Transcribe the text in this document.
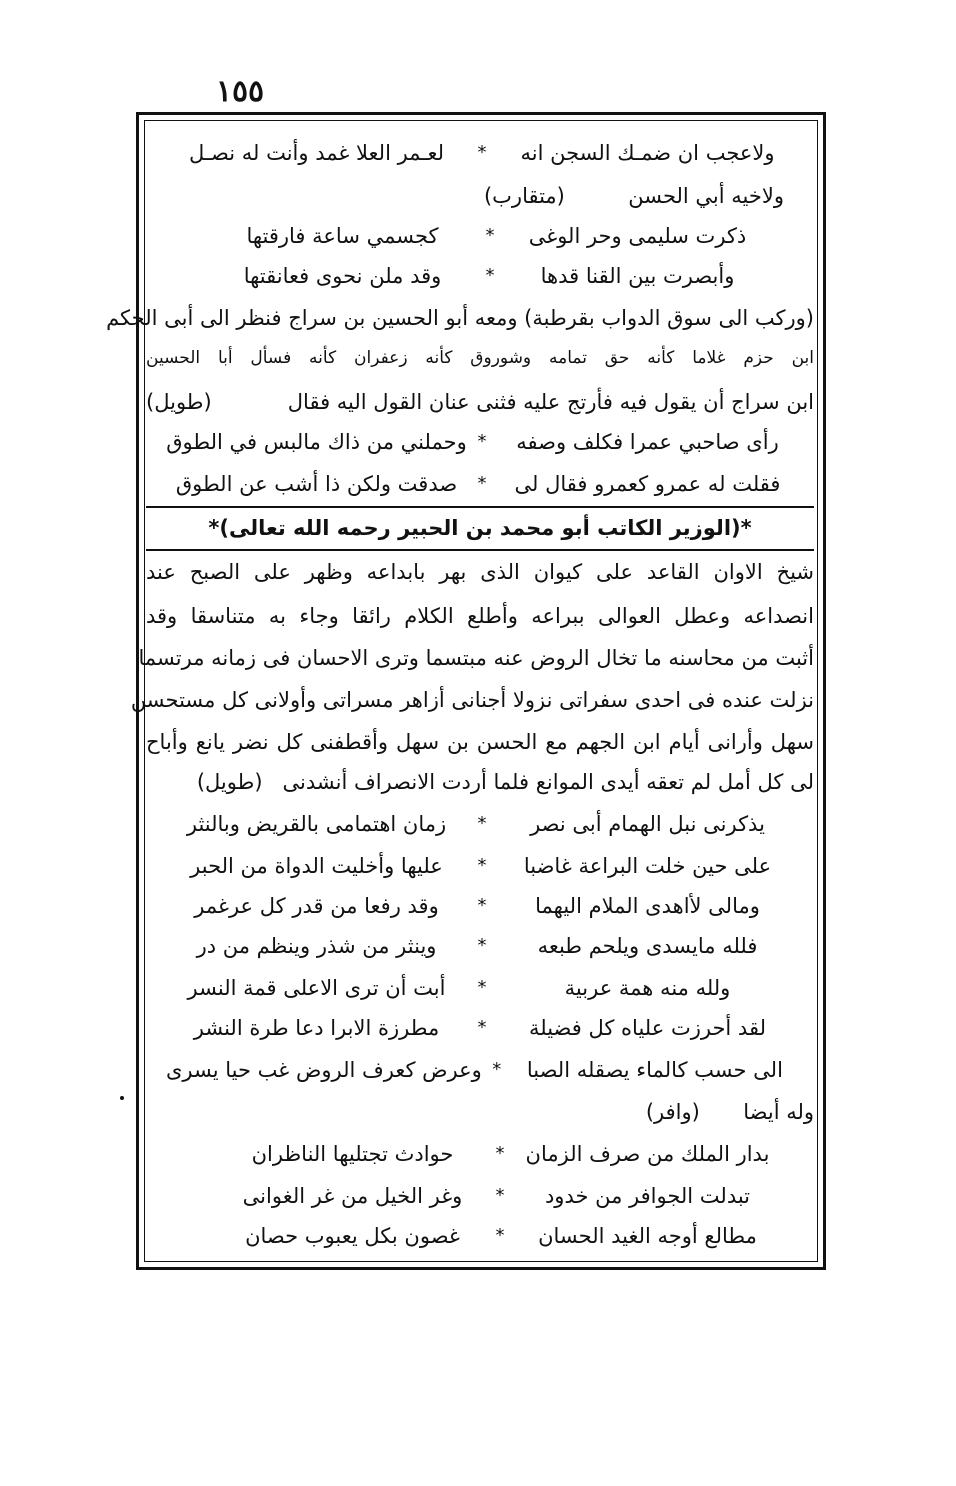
١٥٥
ولاعجب ان ضمـك السجن انه
*
لعـمر العلا غمد وأنت له نصـل
ولاخيه أبي الحسن  (متقارب)
ذكرت سليمى وحر الوغى
*
كجسمي ساعة فارقتها
وأبصرت بين القنا قدها
*
وقد ملن نحوى فعانقتها
(وركب الى سوق الدواب بقرطبة) ومعه أبو الحسين بن سراج فنظر الى أبى الحكم
ابن حزم غلاما كأنه حق تمامه وشوروق كأنه زعفران كأنه فسأل أبا الحسين
ابن سراج أن يقول فيه فأرتج عليه فثنى عنان القول اليه فقال
(طويل)
رأى صاحبي عمرا فكلف وصفه
*
وحملني من ذاك مالبس في الطوق
فقلت له عمرو كعمرو فقال لى
*
صدقت ولكن ذا أشب عن الطوق
*(الوزير الكاتب أبو محمد بن الحبير رحمه الله تعالى)*
شيخ الاوان القاعد على كيوان الذى بهر بابداعه وظهر على الصبح عند
انصداعه وعطل العوالى ببراعه وأطلع الكلام رائقا وجاء به متناسقا وقد
أثبت من محاسنه ما تخال الروض عنه مبتسما وترى الاحسان فى زمانه مرتسما
نزلت عنده فى احدى سفراتى نزولا أجنانى أزاهر مسراتى وأولانى كل مستحسن
سهل وأرانى أيام ابن الجهم مع الحسن بن سهل وأقطفنى كل نضر يانع وأباح
لى كل أمل لم تعقه أيدى الموانع فلما أردت الانصراف أنشدنى
(طويل)
يذكرنى نبل الهمام أبى نصر
*
زمان اهتمامى بالقريض وبالنثر
على حين خلت البراعة غاضبا
*
عليها وأخليت الدواة من الحبر
ومالى لأاهدى الملام اليهما
*
وقد رفعا من قدر كل عرغمر
فلله مايسدى ويلحم طبعه
*
وينثر من شذر وينظم من در
ولله منه همة عربية
*
أبت أن ترى الاعلى قمة النسر
لقد أحرزت علياه كل فضيلة
*
مطرزة الابرا دعا طرة النشر
الى حسب كالماء يصقله الصبا
*
وعرض كعرف الروض غب حيا يسرى
وله أيضا  (وافر)
بدار الملك من صرف الزمان
*
حوادث تجتليها الناظران
تبدلت الجوافر من خدود
*
وغر الخيل من غر الغوانى
مطالع أوجه الغيد الحسان
*
غصون بكل يعبوب حصان
